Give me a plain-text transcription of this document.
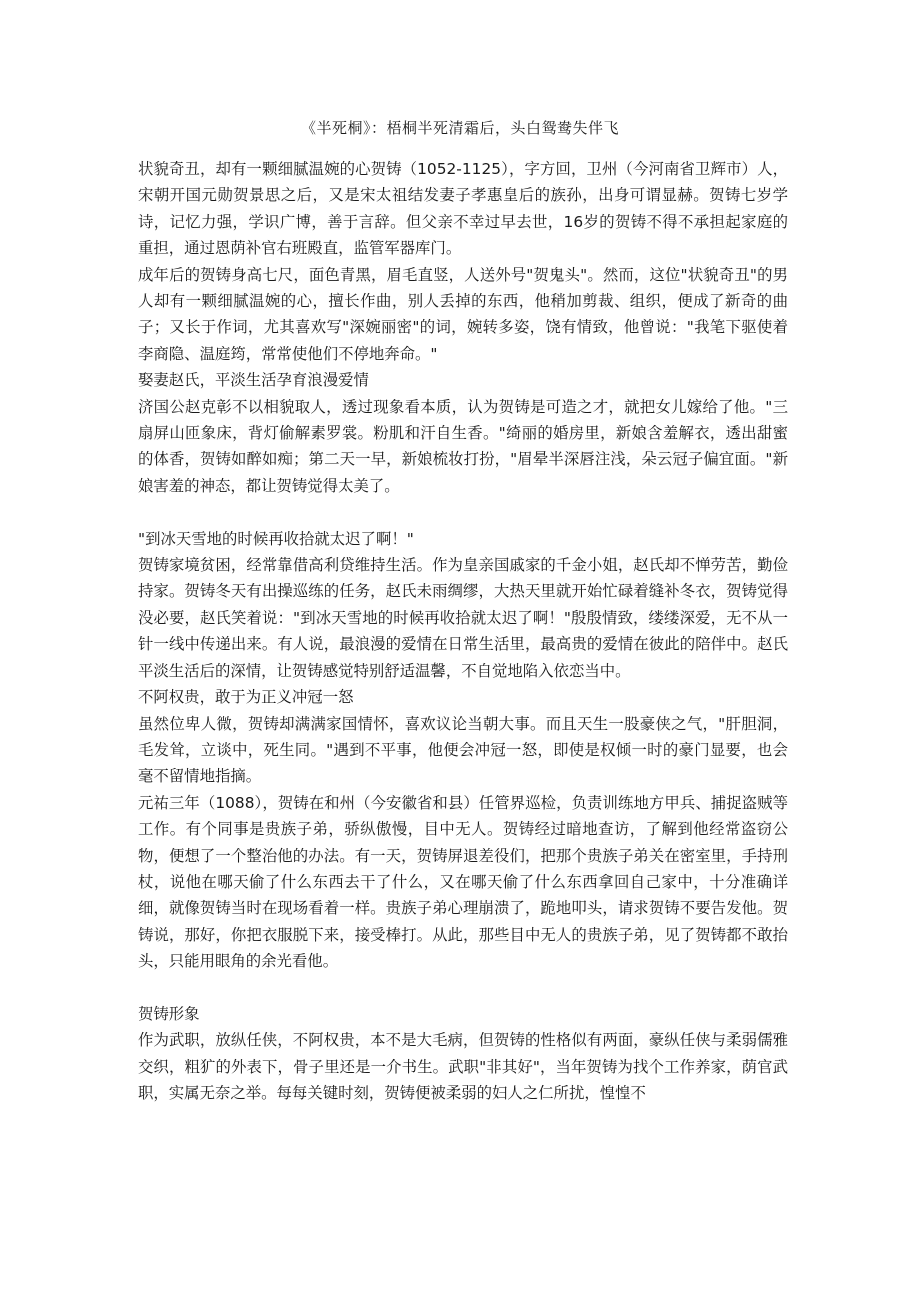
《半死桐》：梧桐半死清霜后，头白鸳鸯失伴飞

状貌奇丑，却有一颗细腻温婉的心贺铸（1052-1125），字方回，卫州（今河南省卫辉市）人，宋朝开国元勋贺景思之后，又是宋太祖结发妻子孝惠皇后的族孙，出身可谓显赫。贺铸七岁学诗，记忆力强，学识广博，善于言辞。但父亲不幸过早去世，16岁的贺铸不得不承担起家庭的重担，通过恩荫补官右班殿直，监管军器库门。

成年后的贺铸身高七尺，面色青黑，眉毛直竖，人送外号"贺鬼头"。然而，这位"状貌奇丑"的男人却有一颗细腻温婉的心，擅长作曲，别人丢掉的东西，他稍加剪裁、组织，便成了新奇的曲子；又长于作词，尤其喜欢写"深婉丽密"的词，婉转多姿，饶有情致，他曾说："我笔下驱使着李商隐、温庭筠，常常使他们不停地奔命。"

娶妻赵氏，平淡生活孕育浪漫爱情

济国公赵克彰不以相貌取人，透过现象看本质，认为贺铸是可造之才，就把女儿嫁给了他。"三扇屏山匝象床，背灯偷解素罗裳。粉肌和汗自生香。"绮丽的婚房里，新娘含羞解衣，透出甜蜜的体香，贺铸如醉如痴；第二天一早，新娘梳妆打扮，"眉晕半深唇注浅，朵云冠子偏宜面。"新娘害羞的神态，都让贺铸觉得太美了。

"到冰天雪地的时候再收拾就太迟了啊！"

贺铸家境贫困，经常靠借高利贷维持生活。作为皇亲国戚家的千金小姐，赵氏却不惮劳苦，勤俭持家。贺铸冬天有出操巡练的任务，赵氏未雨绸缪，大热天里就开始忙碌着缝补冬衣，贺铸觉得没必要，赵氏笑着说："到冰天雪地的时候再收拾就太迟了啊！"殷殷情致，缕缕深爱，无不从一针一线中传递出来。有人说，最浪漫的爱情在日常生活里，最高贵的爱情在彼此的陪伴中。赵氏平淡生活后的深情，让贺铸感觉特别舒适温馨，不自觉地陷入依恋当中。

不阿权贵，敢于为正义冲冠一怒

虽然位卑人微，贺铸却满满家国情怀，喜欢议论当朝大事。而且天生一股豪侠之气，"肝胆洞，毛发耸，立谈中，死生同。"遇到不平事，他便会冲冠一怒，即使是权倾一时的豪门显要，也会毫不留情地指摘。

元祐三年（1088），贺铸在和州（今安徽省和县）任管界巡检，负责训练地方甲兵、捕捉盗贼等工作。有个同事是贵族子弟，骄纵傲慢，目中无人。贺铸经过暗地查访，了解到他经常盗窃公物，便想了一个整治他的办法。有一天，贺铸屏退差役们，把那个贵族子弟关在密室里，手持刑杖，说他在哪天偷了什么东西去干了什么，又在哪天偷了什么东西拿回自己家中，十分准确详细，就像贺铸当时在现场看着一样。贵族子弟心理崩溃了，跪地叩头，请求贺铸不要告发他。贺铸说，那好，你把衣服脱下来，接受棒打。从此，那些目中无人的贵族子弟，见了贺铸都不敢抬头，只能用眼角的余光看他。

贺铸形象

作为武职，放纵任侠，不阿权贵，本不是大毛病，但贺铸的性格似有两面，豪纵任侠与柔弱儒雅交织，粗犷的外表下，骨子里还是一介书生。武职"非其好"，当年贺铸为找个工作养家，荫官武职，实属无奈之举。每每关键时刻，贺铸便被柔弱的妇人之仁所扰，惶惶不
